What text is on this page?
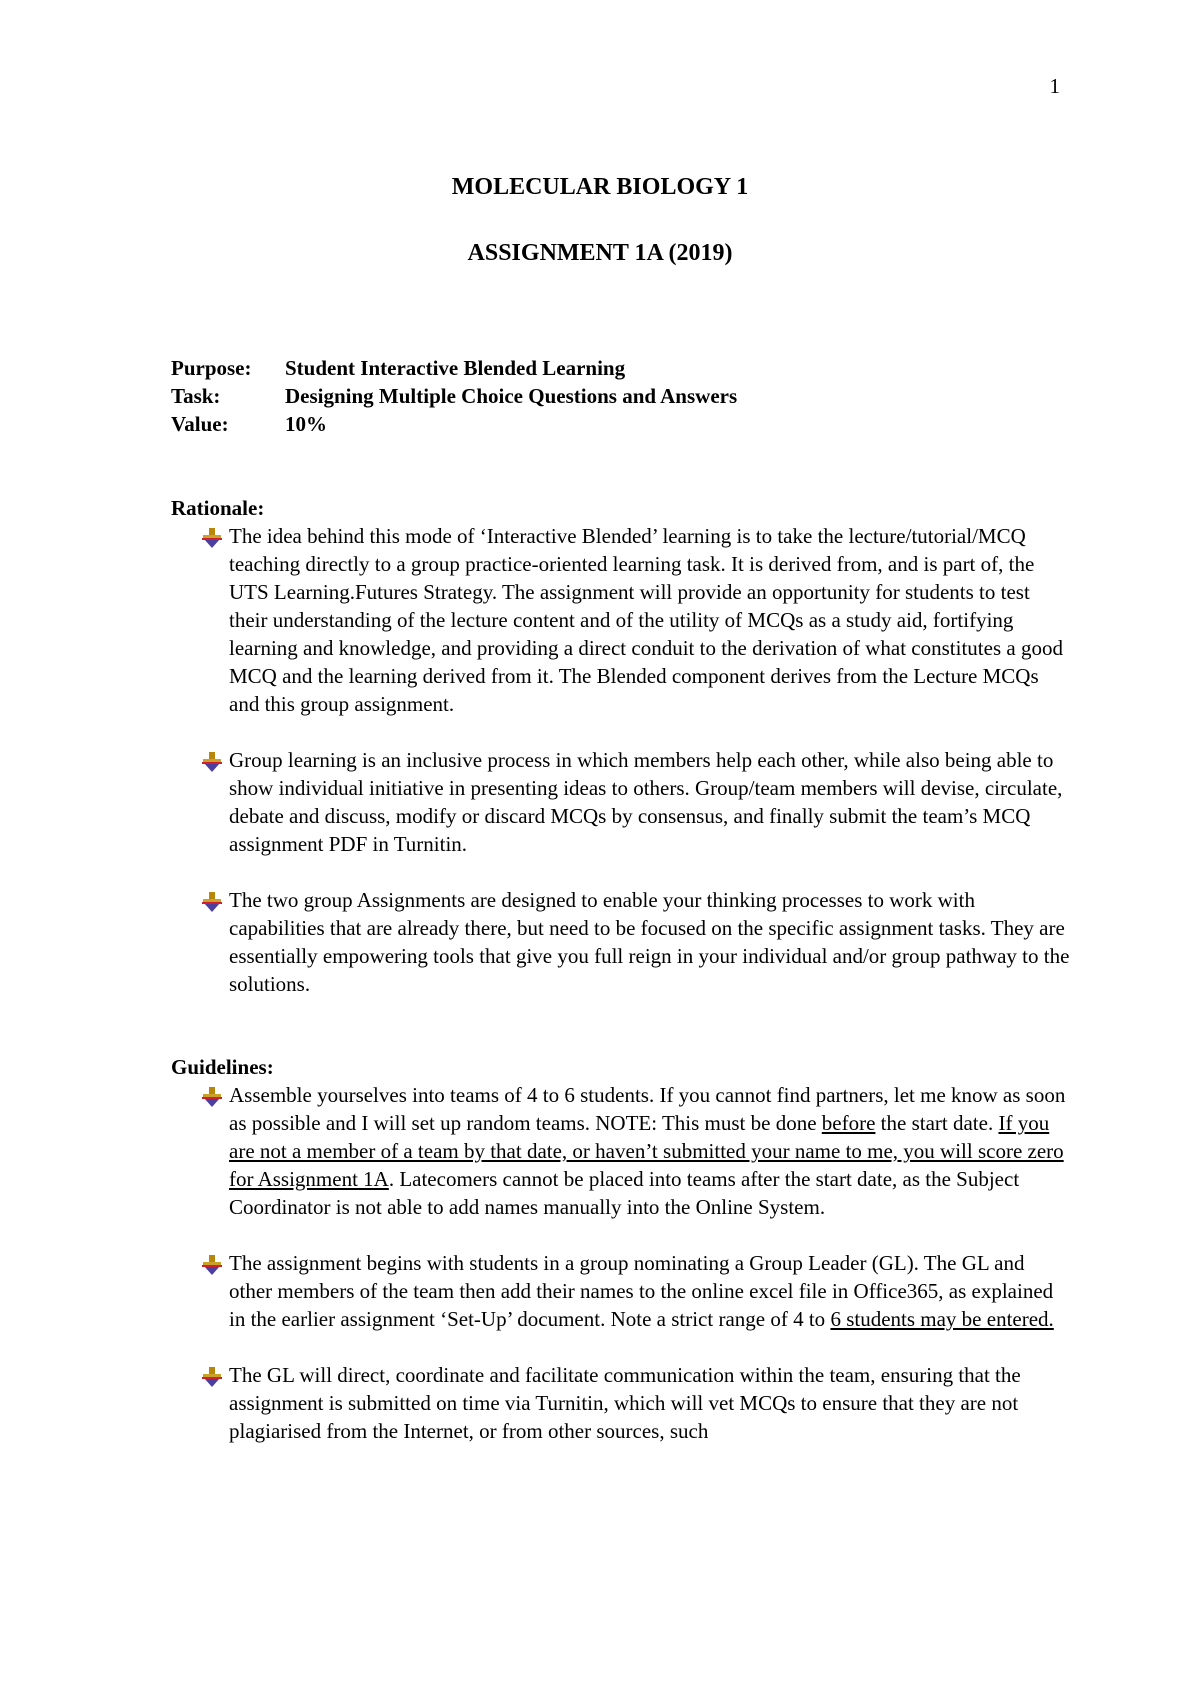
1
MOLECULAR BIOLOGY 1
ASSIGNMENT 1A (2019)
Purpose:	Student Interactive Blended Learning
Task:	Designing Multiple Choice Questions and Answers
Value:	10%
Rationale:

The idea behind this mode of ‘Interactive Blended’ learning is to take the lecture/tutorial/MCQ teaching directly to a group practice-oriented learning task. It is derived from, and is part of, the UTS Learning.Futures Strategy. The assignment will provide an opportunity for students to test their understanding of the lecture content and of the utility of MCQs as a study aid, fortifying learning and knowledge, and providing a direct conduit to the derivation of what constitutes a good MCQ and the learning derived from it. The Blended component derives from the Lecture MCQs and this group assignment.

Group learning is an inclusive process in which members help each other, while also being able to show individual initiative in presenting ideas to others. Group/team members will devise, circulate, debate and discuss, modify or discard MCQs by consensus, and finally submit the team’s MCQ assignment PDF in Turnitin.

The two group Assignments are designed to enable your thinking processes to work with capabilities that are already there, but need to be focused on the specific assignment tasks. They are essentially empowering tools that give you full reign in your individual and/or group pathway to the solutions.

Guidelines:

Assemble yourselves into teams of 4 to 6 students. If you cannot find partners, let me know as soon as possible and I will set up random teams. NOTE: This must be done before the start date. If you are not a member of a team by that date, or haven’t submitted your name to me, you will score zero for Assignment 1A. Latecomers cannot be placed into teams after the start date, as the Subject Coordinator is not able to add names manually into the Online System.

The assignment begins with students in a group nominating a Group Leader (GL). The GL and other members of the team then add their names to the online excel file in Office365, as explained in the earlier assignment ‘Set-Up’ document. Note a strict range of 4 to 6 students may be entered.

The GL will direct, coordinate and facilitate communication within the team, ensuring that the assignment is submitted on time via Turnitin, which will vet MCQs to ensure that they are not plagiarised from the Internet, or from other sources, such
